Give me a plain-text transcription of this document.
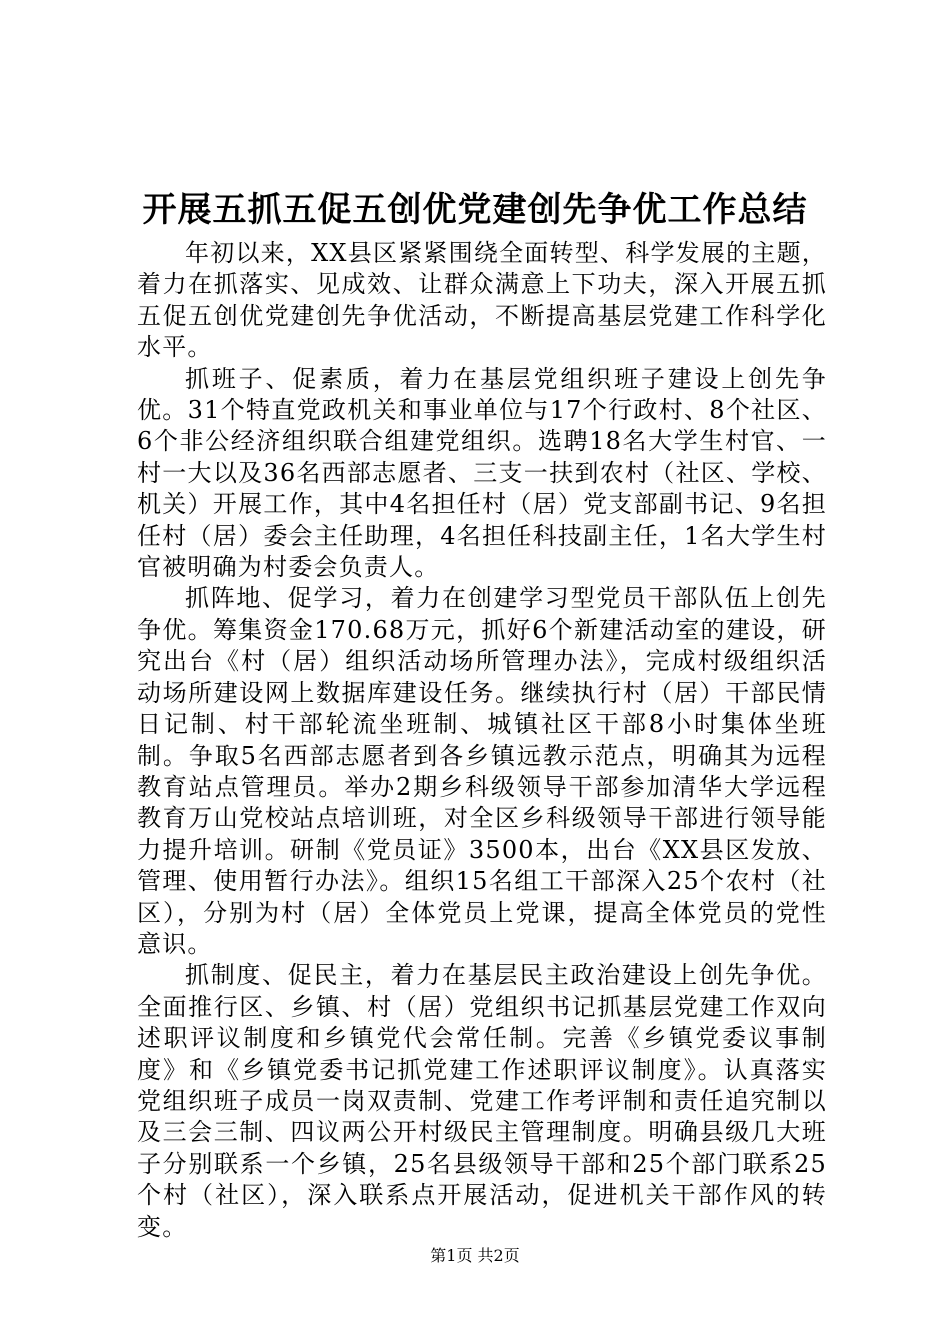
开展五抓五促五创优党建创先争优工作总结

年初以来，XX县区紧紧围绕全面转型、科学发展的主题，着力在抓落实、见成效、让群众满意上下功夫，深入开展五抓五促五创优党建创先争优活动，不断提高基层党建工作科学化水平。

抓班子、促素质，着力在基层党组织班子建设上创先争优。31个特直党政机关和事业单位与17个行政村、8个社区、6个非公经济组织联合组建党组织。选聘18名大学生村官、一村一大以及36名西部志愿者、三支一扶到农村（社区、学校、机关）开展工作，其中4名担任村（居）党支部副书记、9名担任村（居）委会主任助理，4名担任科技副主任，1名大学生村官被明确为村委会负责人。

抓阵地、促学习，着力在创建学习型党员干部队伍上创先争优。筹集资金170.68万元，抓好6个新建活动室的建设，研究出台《村（居）组织活动场所管理办法》，完成村级组织活动场所建设网上数据库建设任务。继续执行村（居）干部民情日记制、村干部轮流坐班制、城镇社区干部8小时集体坐班制。争取5名西部志愿者到各乡镇远教示范点，明确其为远程教育站点管理员。举办2期乡科级领导干部参加清华大学远程教育万山党校站点培训班，对全区乡科级领导干部进行领导能力提升培训。研制《党员证》3500本，出台《XX县区发放、管理、使用暂行办法》。组织15名组工干部深入25个农村（社区），分别为村（居）全体党员上党课，提高全体党员的党性意识。

抓制度、促民主，着力在基层民主政治建设上创先争优。全面推行区、乡镇、村（居）党组织书记抓基层党建工作双向述职评议制度和乡镇党代会常任制。完善《乡镇党委议事制度》和《乡镇党委书记抓党建工作述职评议制度》。认真落实党组织班子成员一岗双责制、党建工作考评制和责任追究制以及三会三制、四议两公开村级民主管理制度。明确县级几大班子分别联系一个乡镇，25名县级领导干部和25个部门联系25个村（社区），深入联系点开展活动，促进机关干部作风的转变。

第1页 共2页
